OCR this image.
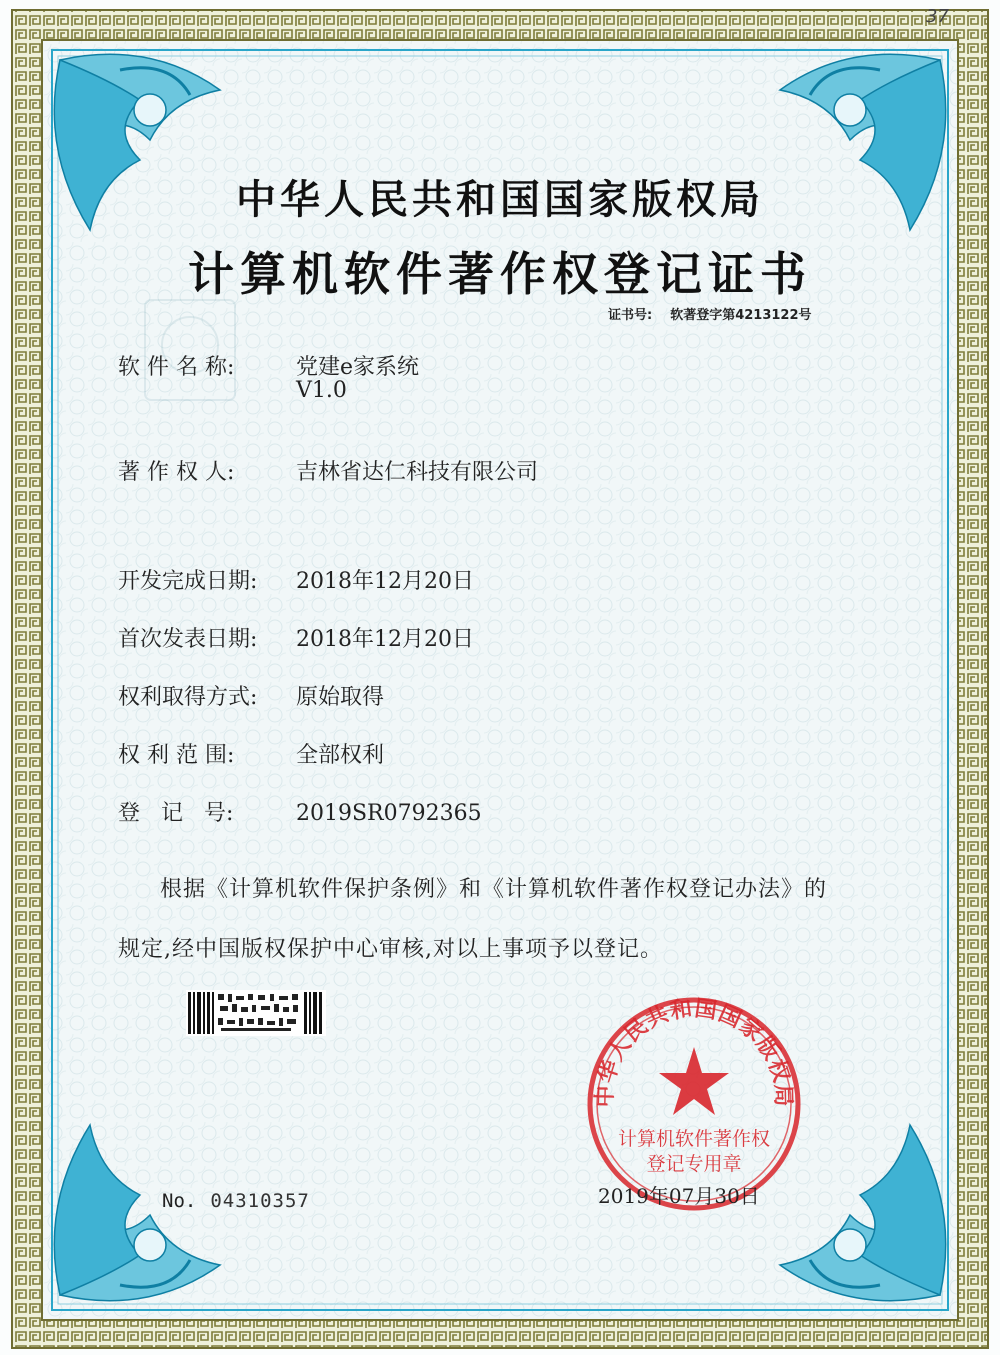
37
中华人民共和国国家版权局
计算机软件著作权登记证书
证书号: 软著登字第4213122号
软 件 名 称:	党建e家系统
V1.0
著 作 权 人:	吉林省达仁科技有限公司
开发完成日期: 2018年12月20日
首次发表日期: 2018年12月20日
权利取得方式: 原始取得
权 利 范 围:	全部权利
登   记   号:	2019SR0792365
根据《计算机软件保护条例》和《计算机软件著作权登记办法》的
规定,经中国版权保护中心审核,对以上事项予以登记。
No. 04310357
中华人民共和国国家版权局
计算机软件著作权
登记专用章
2019年07月30日
